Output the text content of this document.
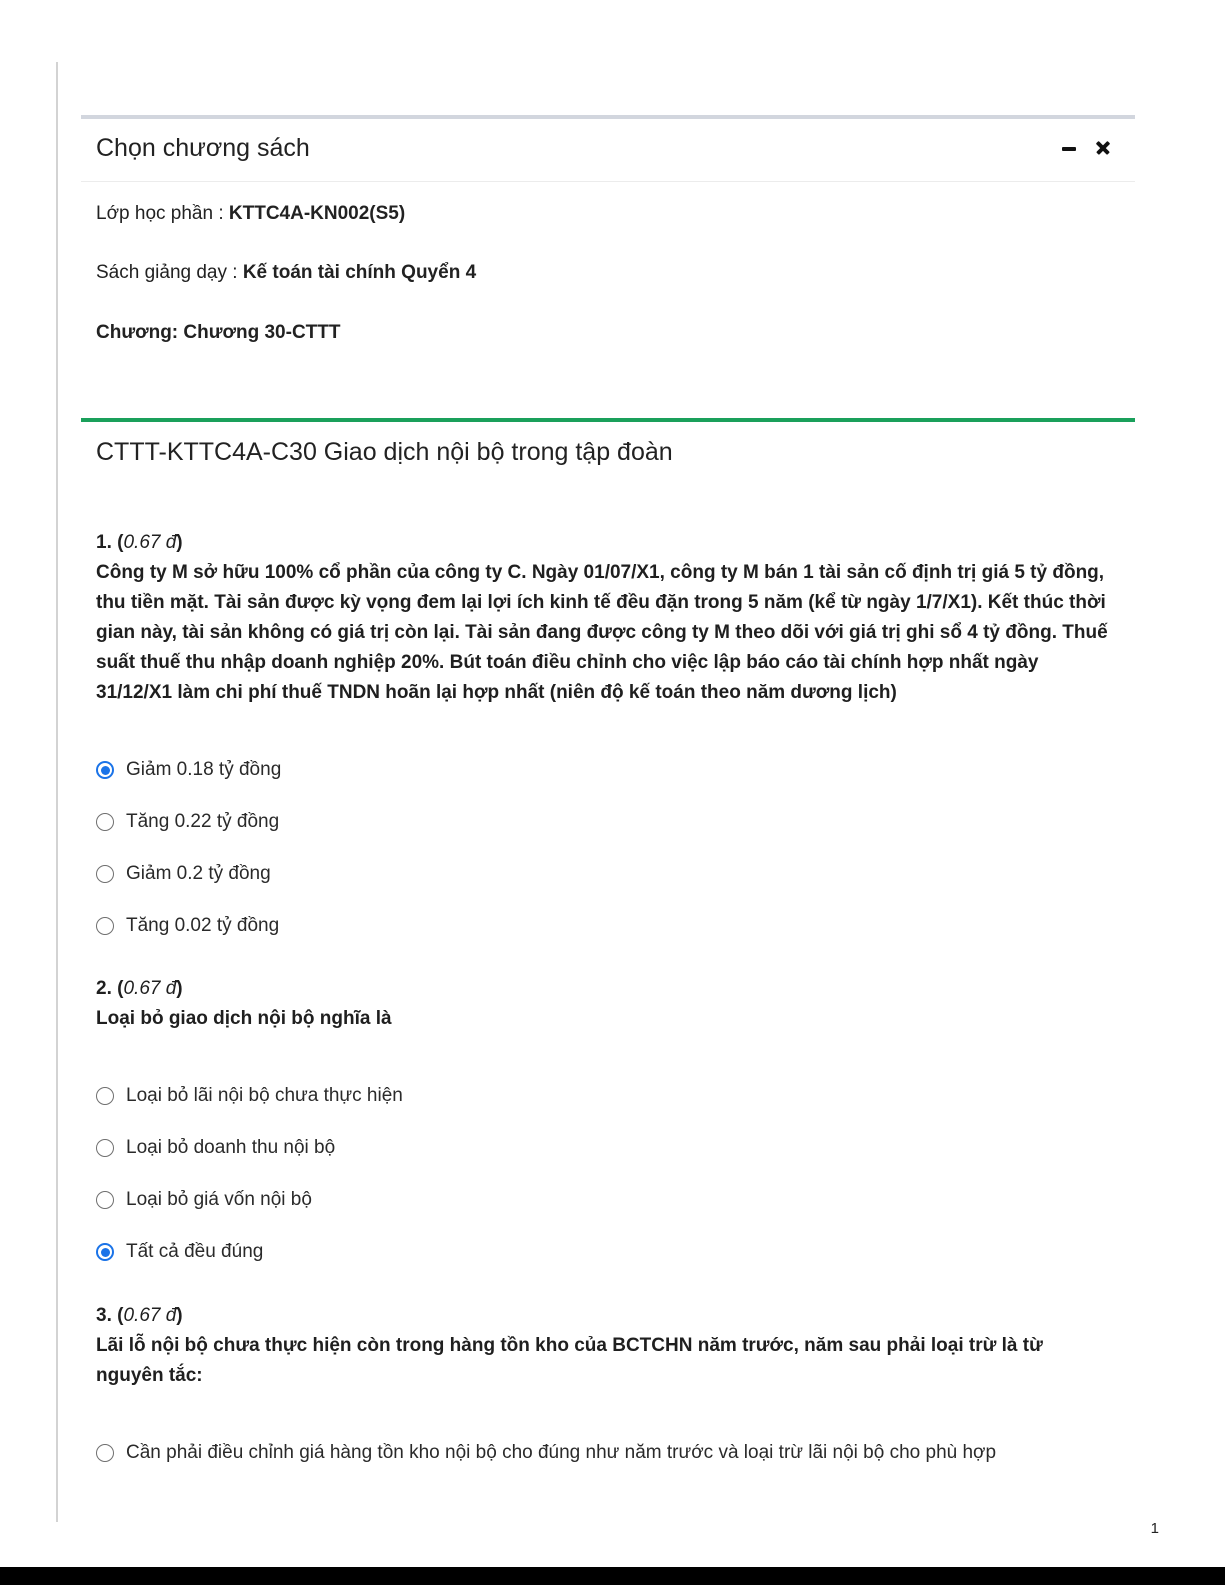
Chọn chương sách
Lớp học phần : KTTC4A-KN002(S5)
Sách giảng dạy : Kế toán tài chính Quyển 4
Chương: Chương 30-CTTT
CTTT-KTTC4A-C30 Giao dịch nội bộ trong tập đoàn
1. (0.67 đ)
Công ty M sở hữu 100% cổ phần của công ty C. Ngày 01/07/X1, công ty M bán 1 tài sản cố định trị giá 5 tỷ đồng, thu tiền mặt. Tài sản được kỳ vọng đem lại lợi ích kinh tế đều đặn trong 5 năm (kể từ ngày 1/7/X1). Kết thúc thời gian này, tài sản không có giá trị còn lại. Tài sản đang được công ty M theo dõi với giá trị ghi sổ 4 tỷ đồng. Thuế suất thuế thu nhập doanh nghiệp 20%. Bút toán điều chỉnh cho việc lập báo cáo tài chính hợp nhất ngày 31/12/X1 làm chi phí thuế TNDN hoãn lại hợp nhất (niên độ kế toán theo năm dương lịch)
Giảm 0.18 tỷ đồng
Tăng 0.22 tỷ đồng
Giảm 0.2 tỷ đồng
Tăng 0.02 tỷ đồng
2. (0.67 đ)
Loại bỏ giao dịch nội bộ nghĩa là
Loại bỏ lãi nội bộ chưa thực hiện
Loại bỏ doanh thu nội bộ
Loại bỏ giá vốn nội bộ
Tất cả đều đúng
3. (0.67 đ)
Lãi lỗ nội bộ chưa thực hiện còn trong hàng tồn kho của BCTCHN năm trước, năm sau phải loại trừ là từ nguyên tắc:
Cần phải điều chỉnh giá hàng tồn kho nội bộ cho đúng như năm trước và loại trừ lãi nội bộ cho phù hợp
1
